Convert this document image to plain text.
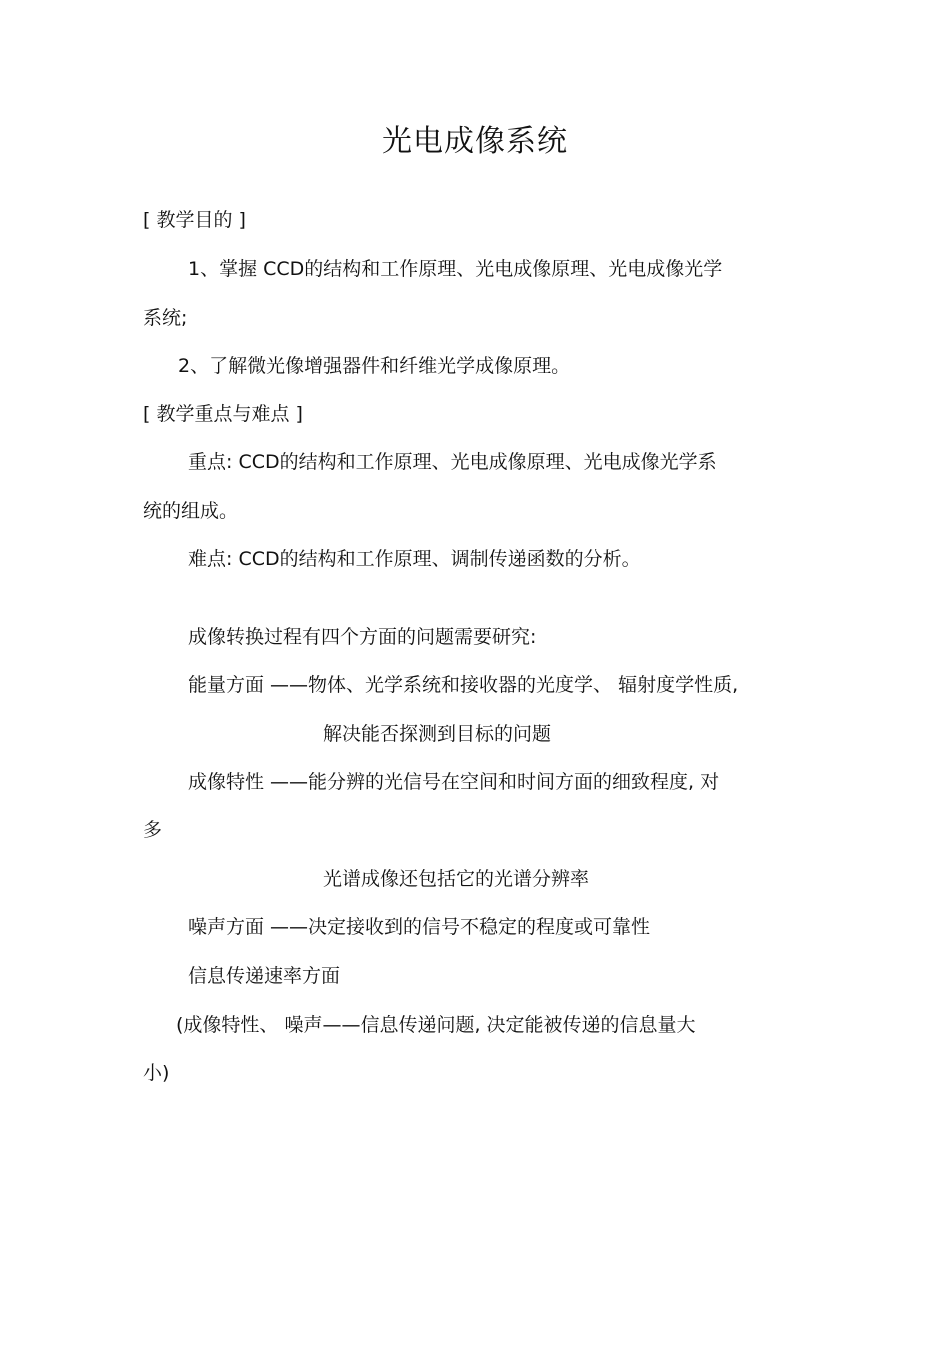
光电成像系统
[ 教学目的 ]
1、掌握 CCD的结构和工作原理、光电成像原理、光电成像光学
系统;
2、了解微光像增强器件和纤维光学成像原理。
[ 教学重点与难点 ]
重点: CCD的结构和工作原理、光电成像原理、光电成像光学系
统的组成。
难点: CCD的结构和工作原理、调制传递函数的分析。
成像转换过程有四个方面的问题需要研究:
能量方面 ——物体、光学系统和接收器的光度学、 辐射度学性质,
解决能否探测到目标的问题
成像特性 ——能分辨的光信号在空间和时间方面的细致程度, 对
多
光谱成像还包括它的光谱分辨率
噪声方面 ——决定接收到的信号不稳定的程度或可靠性
信息传递速率方面
(成像特性、 噪声——信息传递问题, 决定能被传递的信息量大
小)
